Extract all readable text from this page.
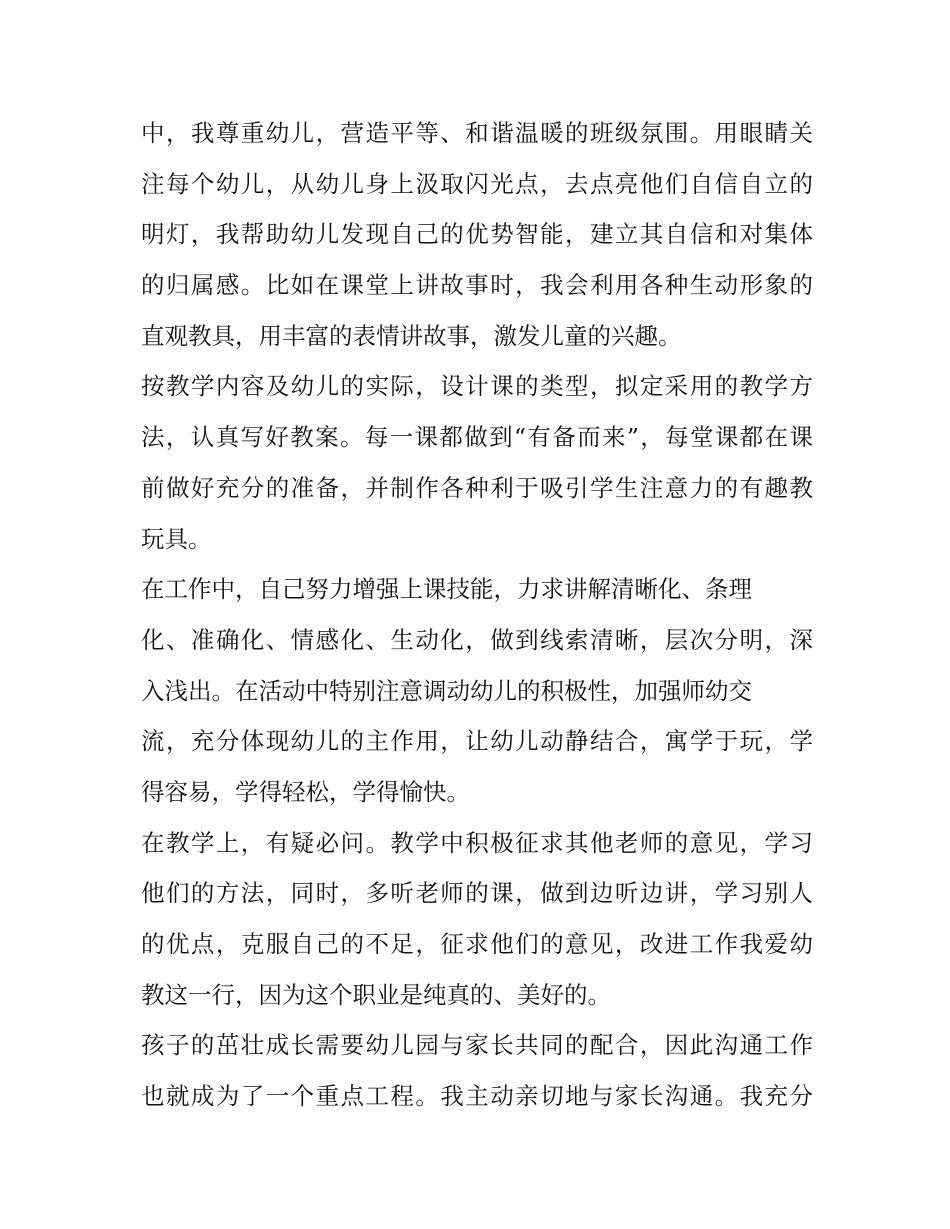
中，我尊重幼儿，营造平等、和谐温暖的班级氛围。用眼睛关
注每个幼儿，从幼儿身上汲取闪光点，去点亮他们自信自立的
明灯，我帮助幼儿发现自己的优势智能，建立其自信和对集体
的归属感。比如在课堂上讲故事时，我会利用各种生动形象的
直观教具，用丰富的表情讲故事，激发儿童的兴趣。
按教学内容及幼儿的实际，设计课的类型，拟定采用的教学方
法，认真写好教案。每一课都做到“有备而来”，每堂课都在课
前做好充分的准备，并制作各种利于吸引学生注意力的有趣教
玩具。
在工作中，自己努力增强上课技能，力求讲解清晰化、条理
化、准确化、情感化、生动化，做到线索清晰，层次分明，深
入浅出。在活动中特别注意调动幼儿的积极性，加强师幼交
流，充分体现幼儿的主作用，让幼儿动静结合，寓学于玩，学
得容易，学得轻松，学得愉快。
在教学上，有疑必问。教学中积极征求其他老师的意见，学习
他们的方法，同时，多听老师的课，做到边听边讲，学习别人
的优点，克服自己的不足，征求他们的意见，改进工作我爱幼
教这一行，因为这个职业是纯真的、美好的。
孩子的茁壮成长需要幼儿园与家长共同的配合，因此沟通工作
也就成为了一个重点工程。我主动亲切地与家长沟通。我充分
